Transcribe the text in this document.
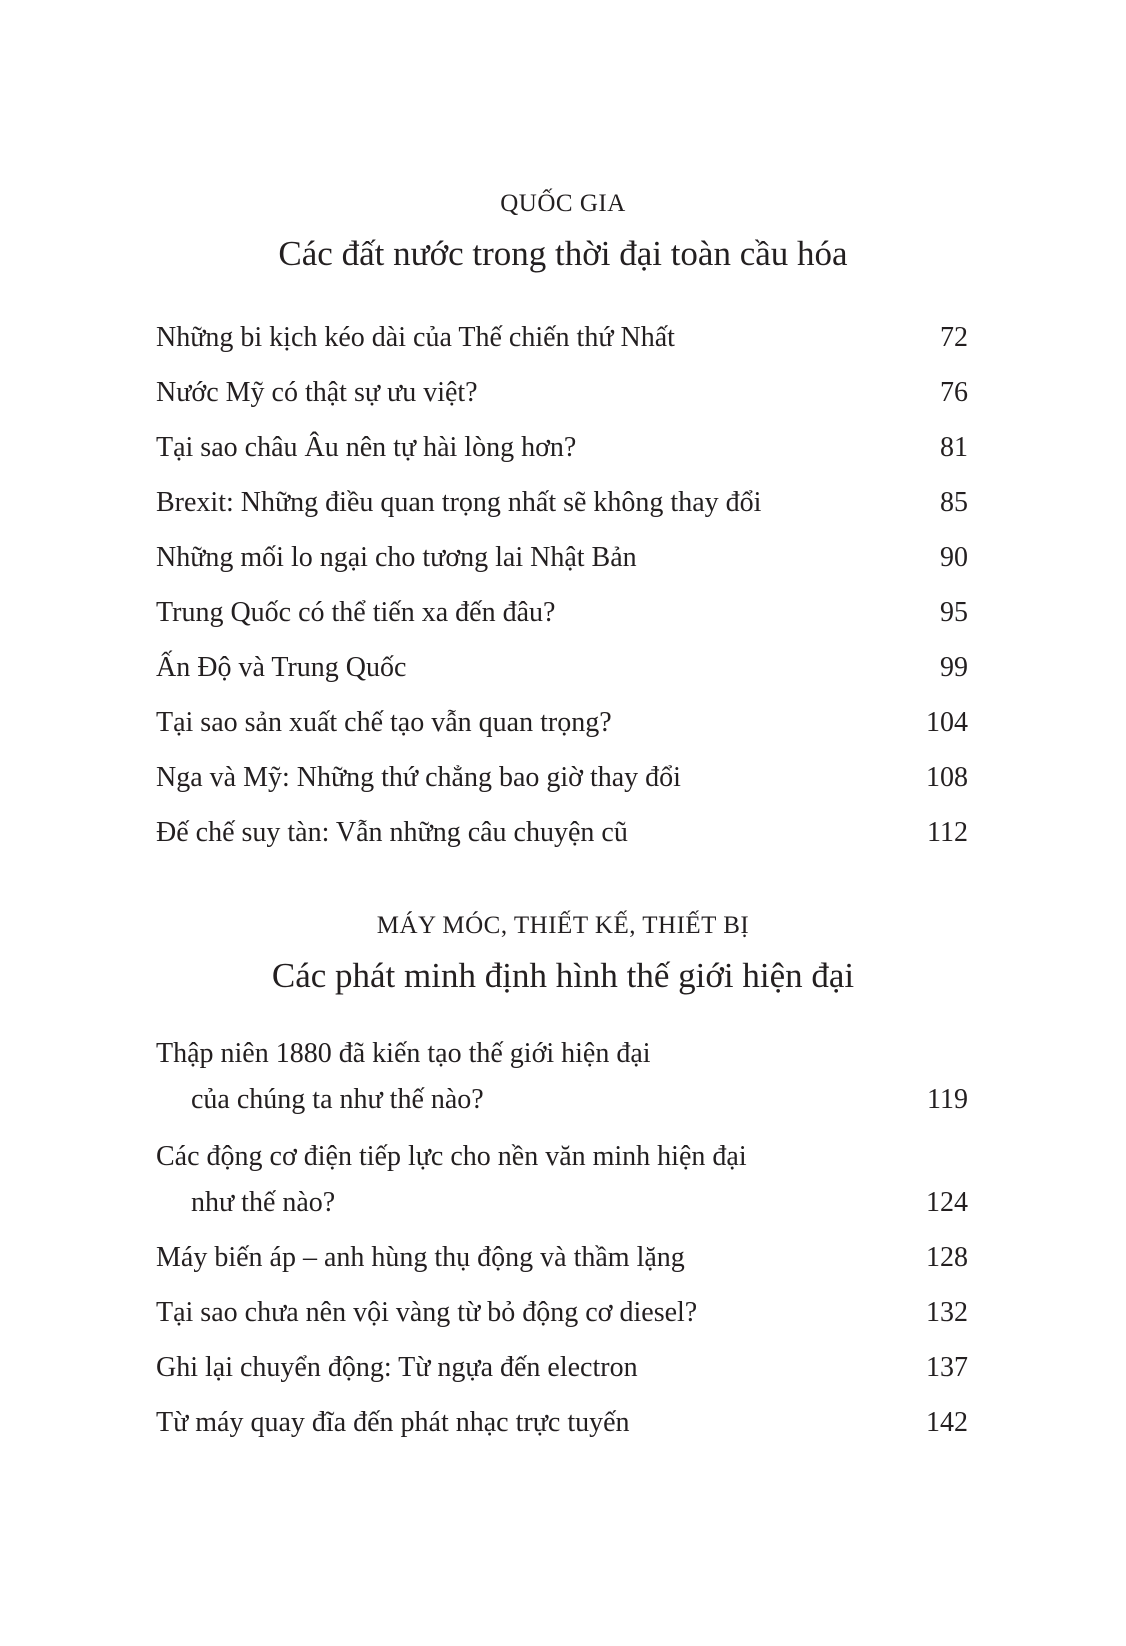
QUỐC GIA
Các đất nước trong thời đại toàn cầu hóa
Những bi kịch kéo dài của Thế chiến thứ Nhất	72
Nước Mỹ có thật sự ưu việt?	76
Tại sao châu Âu nên tự hài lòng hơn?	81
Brexit: Những điều quan trọng nhất sẽ không thay đổi	85
Những mối lo ngại cho tương lai Nhật Bản	90
Trung Quốc có thể tiến xa đến đâu?	95
Ấn Độ và Trung Quốc	99
Tại sao sản xuất chế tạo vẫn quan trọng?	104
Nga và Mỹ: Những thứ chẳng bao giờ thay đổi	108
Đế chế suy tàn: Vẫn những câu chuyện cũ	112
MÁY MÓC, THIẾT KẾ, THIẾT BỊ
Các phát minh định hình thế giới hiện đại
Thập niên 1880 đã kiến tạo thế giới hiện đại
của chúng ta như thế nào?	119
Các động cơ điện tiếp lực cho nền văn minh hiện đại
như thế nào?	124
Máy biến áp – anh hùng thụ động và thầm lặng	128
Tại sao chưa nên vội vàng từ bỏ động cơ diesel?	132
Ghi lại chuyển động: Từ ngựa đến electron	137
Từ máy quay đĩa đến phát nhạc trực tuyến	142
